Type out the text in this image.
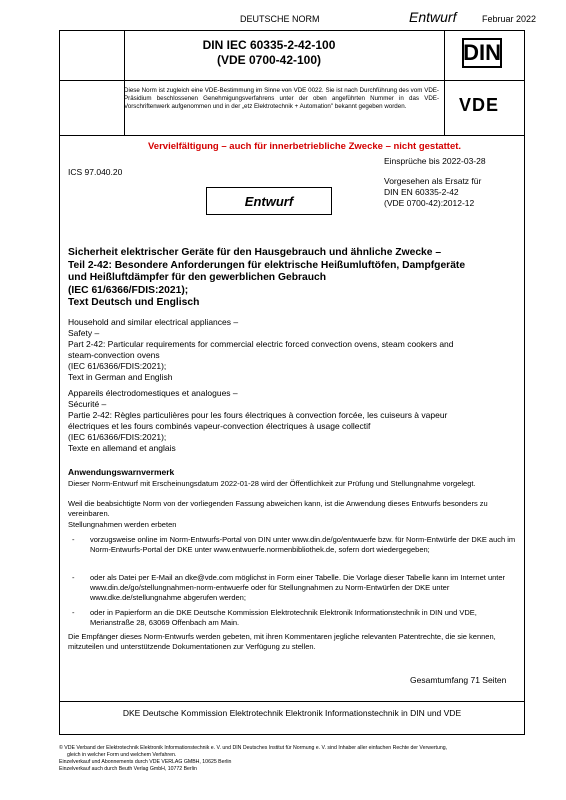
DEUTSCHE NORM	Entwurf	Februar 2022
DIN IEC 60335-2-42-100
(VDE 0700-42-100)	DIN
VDE
Diese Norm ist zugleich eine VDE-Bestimmung im Sinne von VDE 0022. Sie ist nach Durchführung des vom VDE-Präsidium beschlossenen Genehmigungsverfahrens unter der oben angeführten Nummer in das VDE-Vorschriftenwerk aufgenommen und in der „etz Elektrotechnik + Automation" bekannt gegeben worden.
Vervielfältigung – auch für innerbetriebliche Zwecke – nicht gestattet.
Einsprüche bis 2022-03-28
ICS 97.040.20
Vorgesehen als Ersatz für
DIN EN 60335-2-42
(VDE 0700-42):2012-12
Entwurf
Sicherheit elektrischer Geräte für den Hausgebrauch und ähnliche Zwecke –
Teil 2-42: Besondere Anforderungen für elektrische Heißumluftöfen, Dampfgeräte
und Heißluftdämpfer für den gewerblichen Gebrauch
(IEC 61/6366/FDIS:2021);
Text Deutsch und Englisch
Household and similar electrical appliances –
Safety –
Part 2-42: Particular requirements for commercial electric forced convection ovens, steam cookers and
steam-convection ovens
(IEC 61/6366/FDIS:2021);
Text in German and English
Appareils électrodomestiques et analogues –
Sécurité –
Partie 2-42: Règles particulières pour les fours électriques à convection forcée, les cuiseurs à vapeur
électriques et les fours combinés vapeur-convection électriques à usage collectif
(IEC 61/6366/FDIS:2021);
Texte en allemand et anglais
Anwendungswarnvermerk
Dieser Norm-Entwurf mit Erscheinungsdatum 2022-01-28 wird der Öffentlichkeit zur Prüfung und Stellungnahme vorgelegt.
Weil die beabsichtigte Norm von der vorliegenden Fassung abweichen kann, ist die Anwendung dieses Entwurfs besonders zu vereinbaren.
Stellungnahmen werden erbeten
- vorzugsweise online im Norm-Entwurfs-Portal von DIN unter www.din.de/go/entwuerfe bzw. für Norm-Entwürfe der DKE auch im Norm-Entwurfs-Portal der DKE unter www.entwuerfe.normenbibliothek.de, sofern dort wiedergegeben;
- oder als Datei per E-Mail an dke@vde.com möglichst in Form einer Tabelle. Die Vorlage dieser Tabelle kann im Internet unter www.din.de/go/stellungnahmen-norm-entwuerfe oder für Stellungnahmen zu Norm-Entwürfen der DKE unter www.dke.de/stellungnahme abgerufen werden;
- oder in Papierform an die DKE Deutsche Kommission Elektrotechnik Elektronik Informationstechnik in DIN und VDE, Merianstraße 28, 63069 Offenbach am Main.
Die Empfänger dieses Norm-Entwurfs werden gebeten, mit ihren Kommentaren jegliche relevanten Patentrechte, die sie kennen, mitzuteilen und unterstützende Dokumentationen zur Verfügung zu stellen.
Gesamtumfang 71 Seiten
DKE Deutsche Kommission Elektrotechnik Elektronik Informationstechnik in DIN und VDE
© VDE Verband der Elektrotechnik Elektronik Informationstechnik e. V. und DIN Deutsches Institut für Normung e. V. sind Inhaber aller einfachen Rechte der Verwertung,
gleich in welcher Form und welchem Verfahren.
Einzelverkauf und Abonnements durch VDE VERLAG GMBH, 10625 Berlin
Einzelverkauf auch durch Beuth Verlag GmbH, 10772 Berlin
